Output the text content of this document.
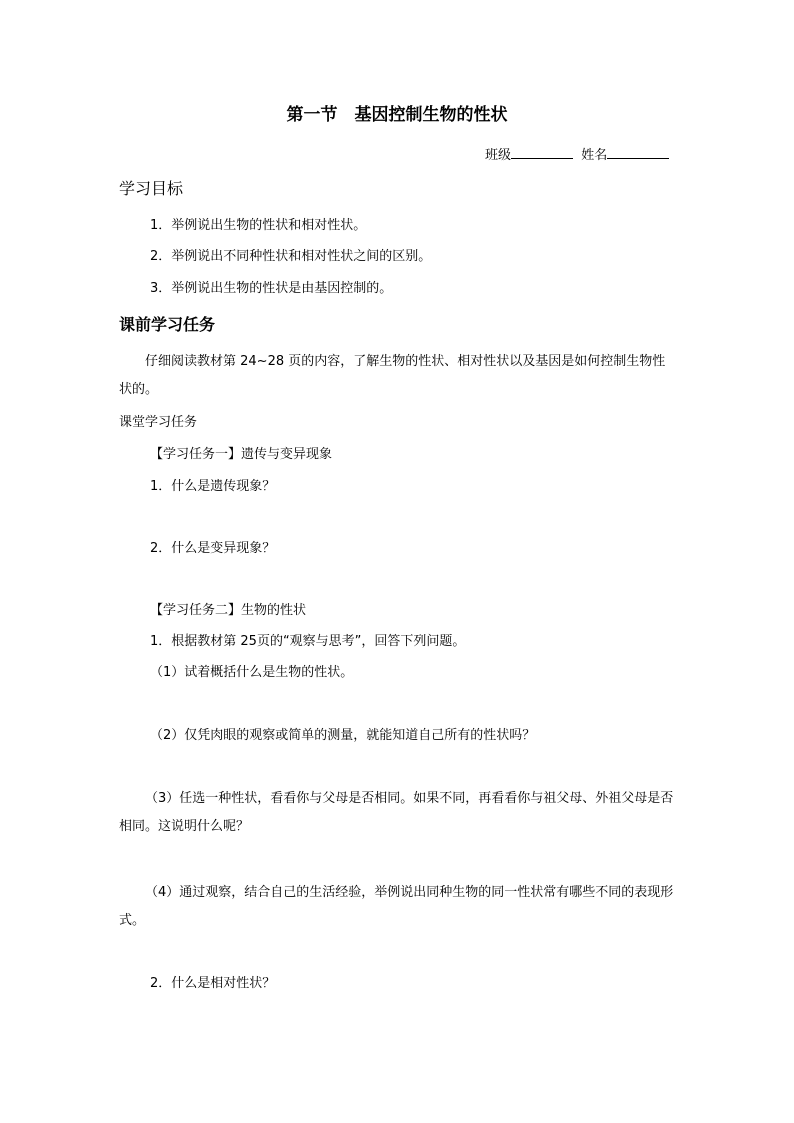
第一节　基因控制生物的性状
班级	姓名
学习目标
1．举例说出生物的性状和相对性状。
2．举例说出不同种性状和相对性状之间的区别。
3．举例说出生物的性状是由基因控制的。
课前学习任务
仔细阅读教材第 24~28 页的内容，了解生物的性状、相对性状以及基因是如何控制生物性状的。
课堂学习任务
【学习任务一】遗传与变异现象
1．什么是遗传现象？
2．什么是变异现象？
【学习任务二】生物的性状
1．根据教材第 25页的“观察与思考”，回答下列问题。
（1）试着概括什么是生物的性状。
（2）仅凭肉眼的观察或简单的测量，就能知道自己所有的性状吗？
（3）任选一种性状，看看你与父母是否相同。如果不同，再看看你与祖父母、外祖父母是否相同。这说明什么呢？
（4）通过观察，结合自己的生活经验，举例说出同种生物的同一性状常有哪些不同的表现形式。
2．什么是相对性状？
